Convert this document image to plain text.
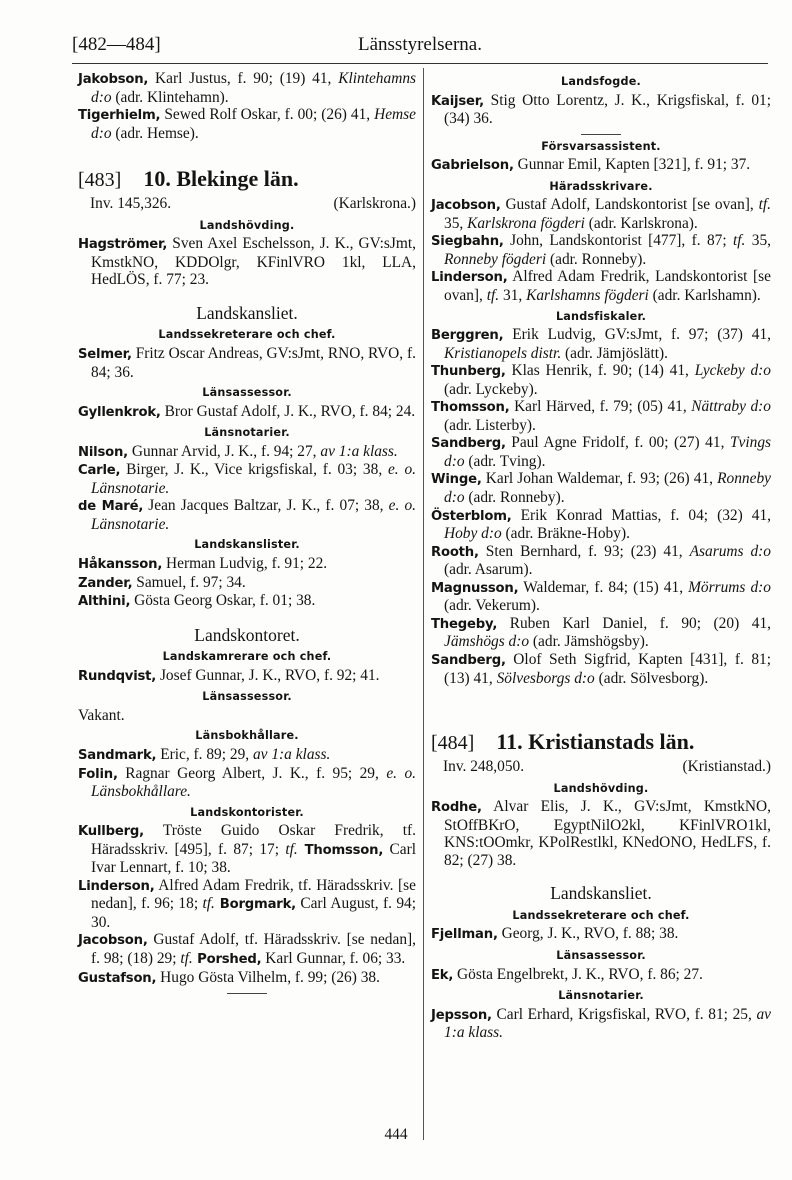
[482—484]	Länsstyrelserna.

Jakobson, Karl Justus, f. 90; (19) 41, Klintehamns d:o (adr. Klintehamn).

Tigerhielm, Sewed Rolf Oskar, f. 00; (26) 41, Hemse d:o (adr. Hemse).

[483] 10. Blekinge län.
Inv. 145,326.	(Karlskrona.)
Landshövding.

Hagströmer, Sven Axel Eschelsson, J. K., GV:sJmt, KmstkNO, KDDOlgr, KFinlVRO 1kl, LLA, HedLÖS, f. 77; 23.

Landskansliet.
Landssekreterare och chef.

Selmer, Fritz Oscar Andreas, GV:sJmt, RNO, RVO, f. 84; 36.

Länsassessor.

Gyllenkrok, Bror Gustaf Adolf, J. K., RVO, f. 84; 24.

Länsnotarier.

Nilson, Gunnar Arvid, J. K., f. 94; 27, av 1:a klass.

Carle, Birger, J. K., Vice krigsfiskal, f. 03; 38, e. o. Länsnotarie.

de Maré, Jean Jacques Baltzar, J. K., f. 07; 38, e. o. Länsnotarie.

Landskanslister.

Håkansson, Herman Ludvig, f. 91; 22.

Zander, Samuel, f. 97; 34.

Althini, Gösta Georg Oskar, f. 01; 38.

Landskontoret.
Landskamrerare och chef.

Rundqvist, Josef Gunnar, J. K., RVO, f. 92; 41.

Länsassessor.

Vakant.

Länsbokhållare.

Sandmark, Eric, f. 89; 29, av 1:a klass.

Folin, Ragnar Georg Albert, J. K., f. 95; 29, e. o. Länsbokhållare.

Landskontorister.

Kullberg, Tröste Guido Oskar Fredrik, tf. Häradsskriv. [495], f. 87; 17; tf. Thomsson, Carl Ivar Lennart, f. 10; 38.

Linderson, Alfred Adam Fredrik, tf. Häradsskriv. [se nedan], f. 96; 18; tf. Borgmark, Carl August, f. 94; 30.

Jacobson, Gustaf Adolf, tf. Häradsskriv. [se nedan], f. 98; (18) 29; tf. Porshed, Karl Gunnar, f. 06; 33.

Gustafson, Hugo Gösta Vilhelm, f. 99; (26) 38.

Landsfogde.

Kaijser, Stig Otto Lorentz, J. K., Krigsfiskal, f. 01; (34) 36.

Försvarsassistent.

Gabrielson, Gunnar Emil, Kapten [321], f. 91; 37.

Häradsskrivare.

Jacobson, Gustaf Adolf, Landskontorist [se ovan], tf. 35, Karlskrona fögderi (adr. Karlskrona).

Siegbahn, John, Landskontorist [477], f. 87; tf. 35, Ronneby fögderi (adr. Ronneby).

Linderson, Alfred Adam Fredrik, Landskontorist [se ovan], tf. 31, Karlshamns fögderi (adr. Karlshamn).

Landsfiskaler.

Berggren, Erik Ludvig, GV:sJmt, f. 97; (37) 41, Kristianopels distr. (adr. Jämjöslätt).

Thunberg, Klas Henrik, f. 90; (14) 41, Lyckeby d:o (adr. Lyckeby).

Thomsson, Karl Härved, f. 79; (05) 41, Nättraby d:o (adr. Listerby).

Sandberg, Paul Agne Fridolf, f. 00; (27) 41, Tvings d:o (adr. Tving).

Winge, Karl Johan Waldemar, f. 93; (26) 41, Ronneby d:o (adr. Ronneby).

Österblom, Erik Konrad Mattias, f. 04; (32) 41, Hoby d:o (adr. Bräkne-Hoby).

Rooth, Sten Bernhard, f. 93; (23) 41, Asarums d:o (adr. Asarum).

Magnusson, Waldemar, f. 84; (15) 41, Mörrums d:o (adr. Vekerum).

Thegeby, Ruben Karl Daniel, f. 90; (20) 41, Jämshögs d:o (adr. Jämshögsby).

Sandberg, Olof Seth Sigfrid, Kapten [431], f. 81; (13) 41, Sölvesborgs d:o (adr. Sölvesborg).

[484] 11. Kristianstads län.
Inv. 248,050.	(Kristianstad.)
Landshövding.

Rodhe, Alvar Elis, J. K., GV:sJmt, KmstkNO, StOffBKrO, EgyptNilO2kl, KFinlVRO1kl, KNS:tOOmkr, KPolRestlkl, KNedONO, HedLFS, f. 82; (27) 38.

Landskansliet.
Landssekreterare och chef.

Fjellman, Georg, J. K., RVO, f. 88; 38.

Länsassessor.

Ek, Gösta Engelbrekt, J. K., RVO, f. 86; 27.

Länsnotarier.

Jepsson, Carl Erhard, Krigsfiskal, RVO, f. 81; 25, av 1:a klass.

444
